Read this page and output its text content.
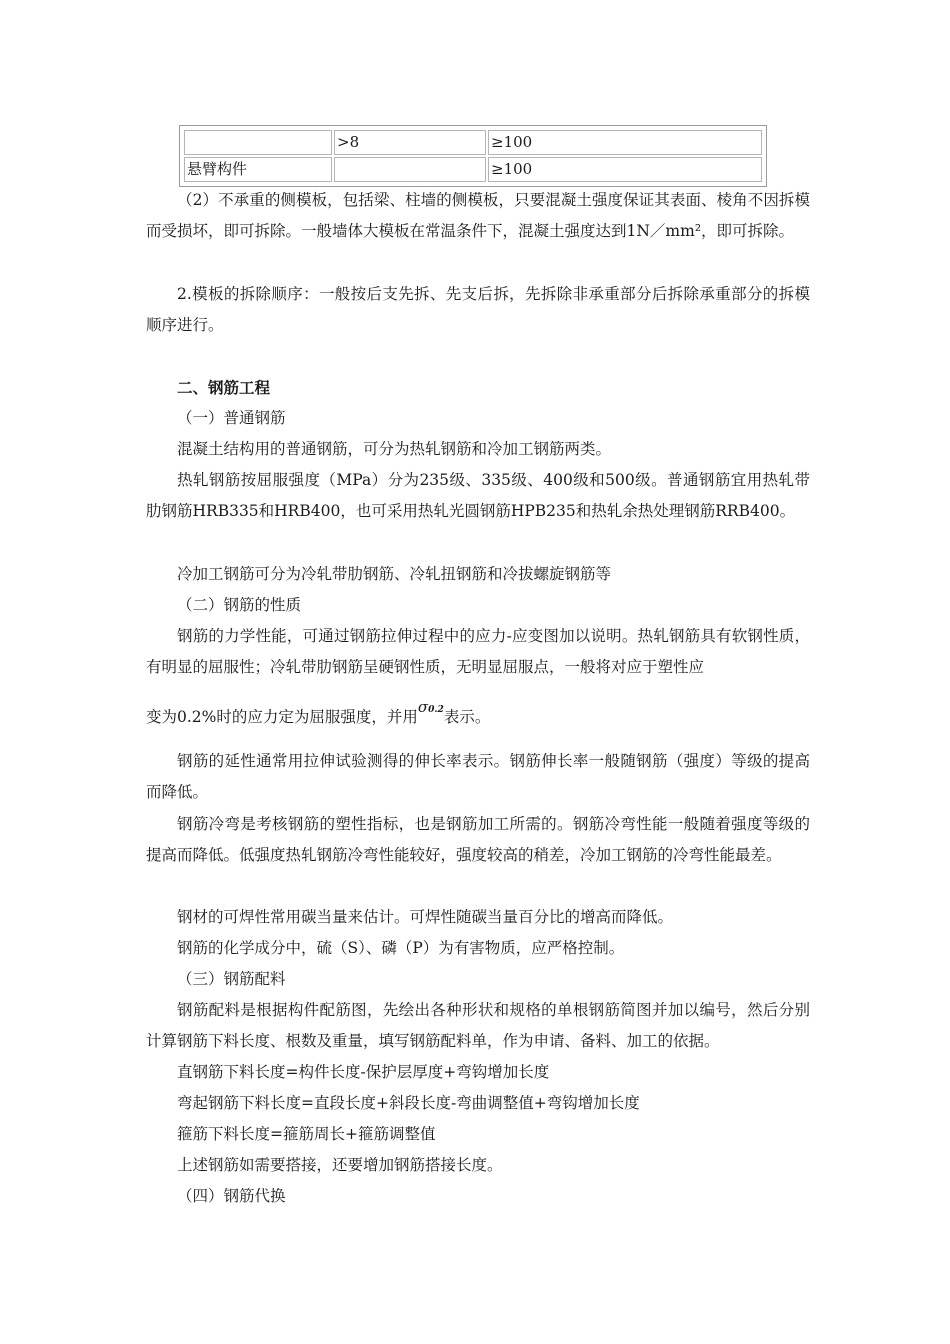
	>8	≥100
悬臂构件		≥100

（2）不承重的侧模板，包括梁、柱墙的侧模板，只要混凝土强度保证其表面、棱角不因拆模而受损坏，即可拆除。一般墙体大模板在常温条件下，混凝土强度达到1N／mm²，即可拆除。

2.模板的拆除顺序：一般按后支先拆、先支后拆，先拆除非承重部分后拆除承重部分的拆模顺序进行。

二、钢筋工程

（一）普通钢筋

混凝土结构用的普通钢筋，可分为热轧钢筋和冷加工钢筋两类。

热轧钢筋按屈服强度（MPa）分为235级、335级、400级和500级。普通钢筋宜用热轧带肋钢筋HRB335和HRB400，也可采用热轧光圆钢筋HPB235和热轧余热处理钢筋RRB400。

冷加工钢筋可分为冷轧带肋钢筋、冷轧扭钢筋和冷拔螺旋钢筋等

（二）钢筋的性质

钢筋的力学性能，可通过钢筋拉伸过程中的应力-应变图加以说明。热轧钢筋具有软钢性质，有明显的屈服性；冷轧带肋钢筋呈硬钢性质，无明显屈服点，一般将对应于塑性应

变为0.2%时的应力定为屈服强度，并用σ0.2表示。

钢筋的延性通常用拉伸试验测得的伸长率表示。钢筋伸长率一般随钢筋（强度）等级的提高而降低。

钢筋冷弯是考核钢筋的塑性指标，也是钢筋加工所需的。钢筋冷弯性能一般随着强度等级的提高而降低。低强度热轧钢筋冷弯性能较好，强度较高的稍差，冷加工钢筋的冷弯性能最差。

钢材的可焊性常用碳当量来估计。可焊性随碳当量百分比的增高而降低。

钢筋的化学成分中，硫（S）、磷（P）为有害物质，应严格控制。

（三）钢筋配料

钢筋配料是根据构件配筋图，先绘出各种形状和规格的单根钢筋简图并加以编号，然后分别计算钢筋下料长度、根数及重量，填写钢筋配料单，作为申请、备料、加工的依据。

直钢筋下料长度=构件长度-保护层厚度+弯钩增加长度

弯起钢筋下料长度=直段长度+斜段长度-弯曲调整值+弯钩增加长度

箍筋下料长度=箍筋周长+箍筋调整值

上述钢筋如需要搭接，还要增加钢筋搭接长度。

（四）钢筋代换
